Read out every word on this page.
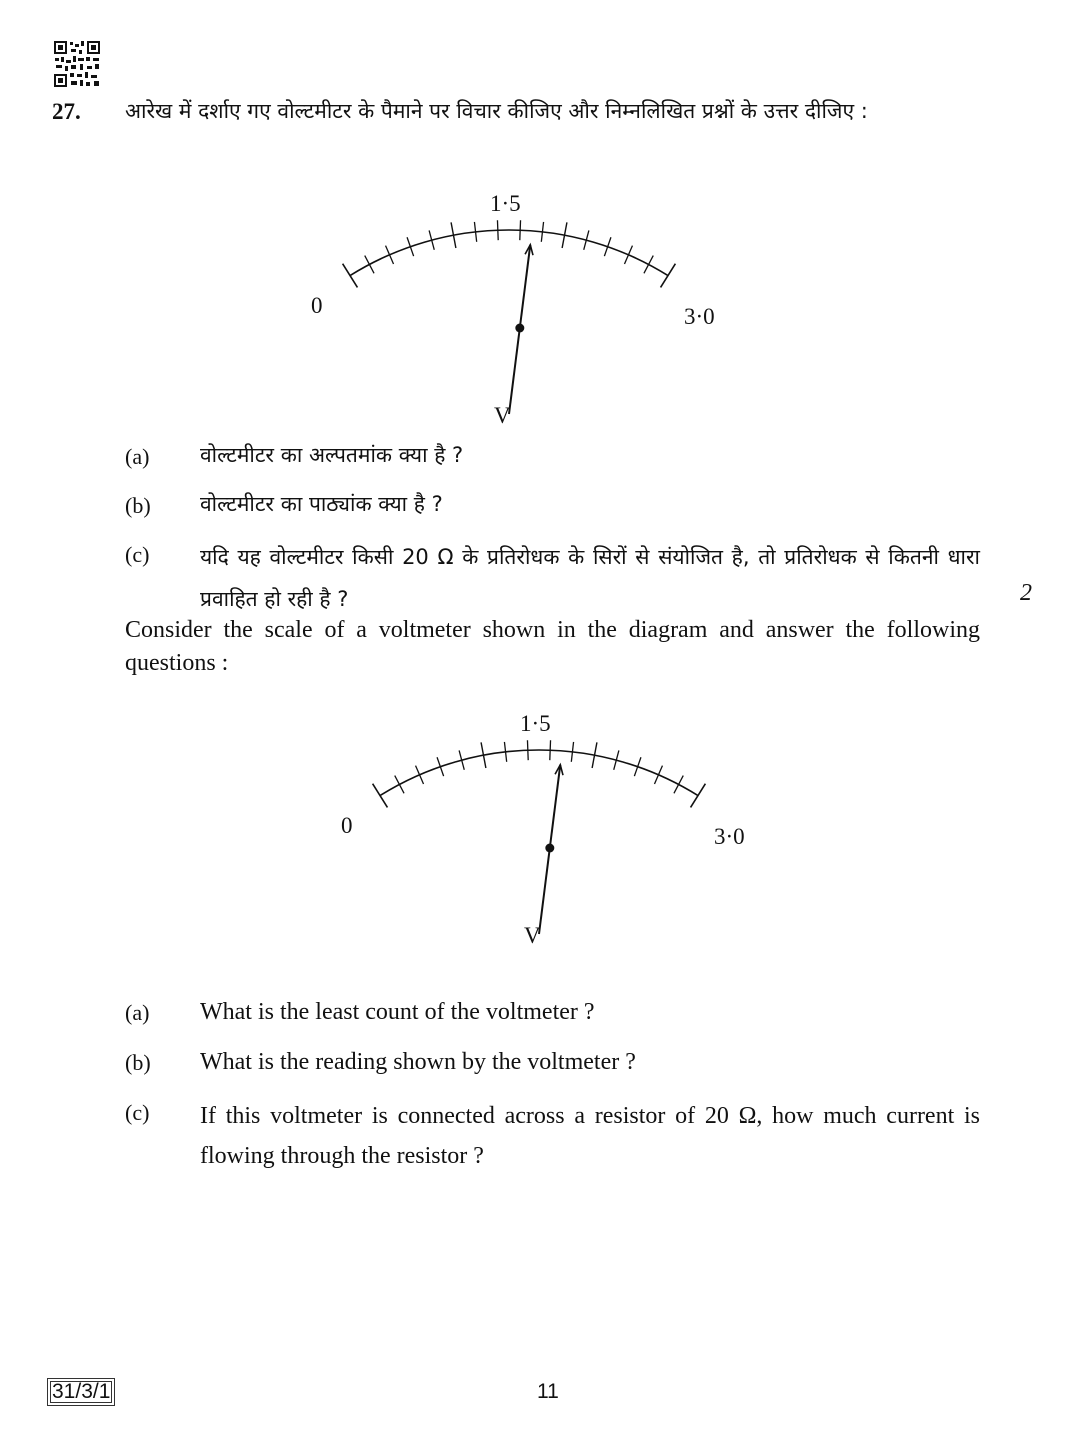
27. आरेख में दर्शाए गए वोल्टमीटर के पैमाने पर विचार कीजिए और निम्नलिखित प्रश्नों के उत्तर दीजिए :
0
1·5
3·0
V
(a) वोल्टमीटर का अल्पतमांक क्या है ?
(b) वोल्टमीटर का पाठ्यांक क्या है ?
(c) यदि यह वोल्टमीटर किसी 20 Ω के प्रतिरोधक के सिरों से संयोजित है, तो प्रतिरोधक से कितनी धारा प्रवाहित हो रही है ?	2
Consider the scale of a voltmeter shown in the diagram and answer the following questions :
0
1·5
3·0
V
(a) What is the least count of the voltmeter ?
(b) What is the reading shown by the voltmeter ?
(c) If this voltmeter is connected across a resistor of 20 Ω, how much current is flowing through the resistor ?
31/3/1	11
